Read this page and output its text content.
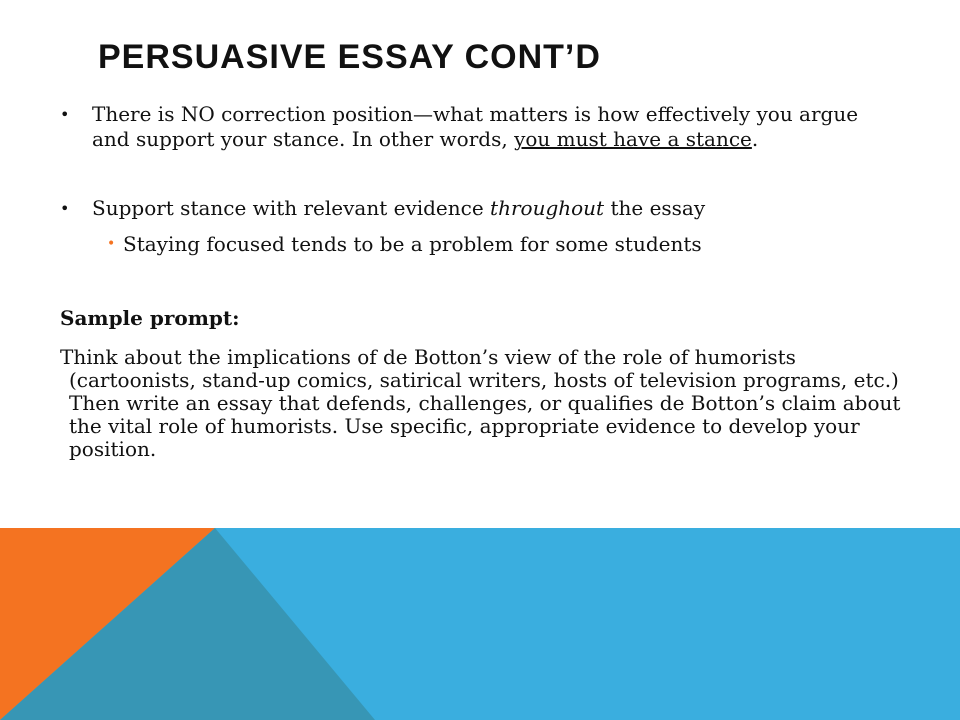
PERSUASIVE ESSAY CONT’D
• There is NO correction position—what matters is how effectively you argue and support your stance. In other words, you must have a stance.
• Support stance with relevant evidence throughout the essay
• Staying focused tends to be a problem for some students
Sample prompt:
Think about the implications of de Botton’s view of the role of humorists (cartoonists, stand-up comics, satirical writers, hosts of television programs, etc.) Then write an essay that defends, challenges, or qualifies de Botton’s claim about the vital role of humorists. Use specific, appropriate evidence to develop your position.
